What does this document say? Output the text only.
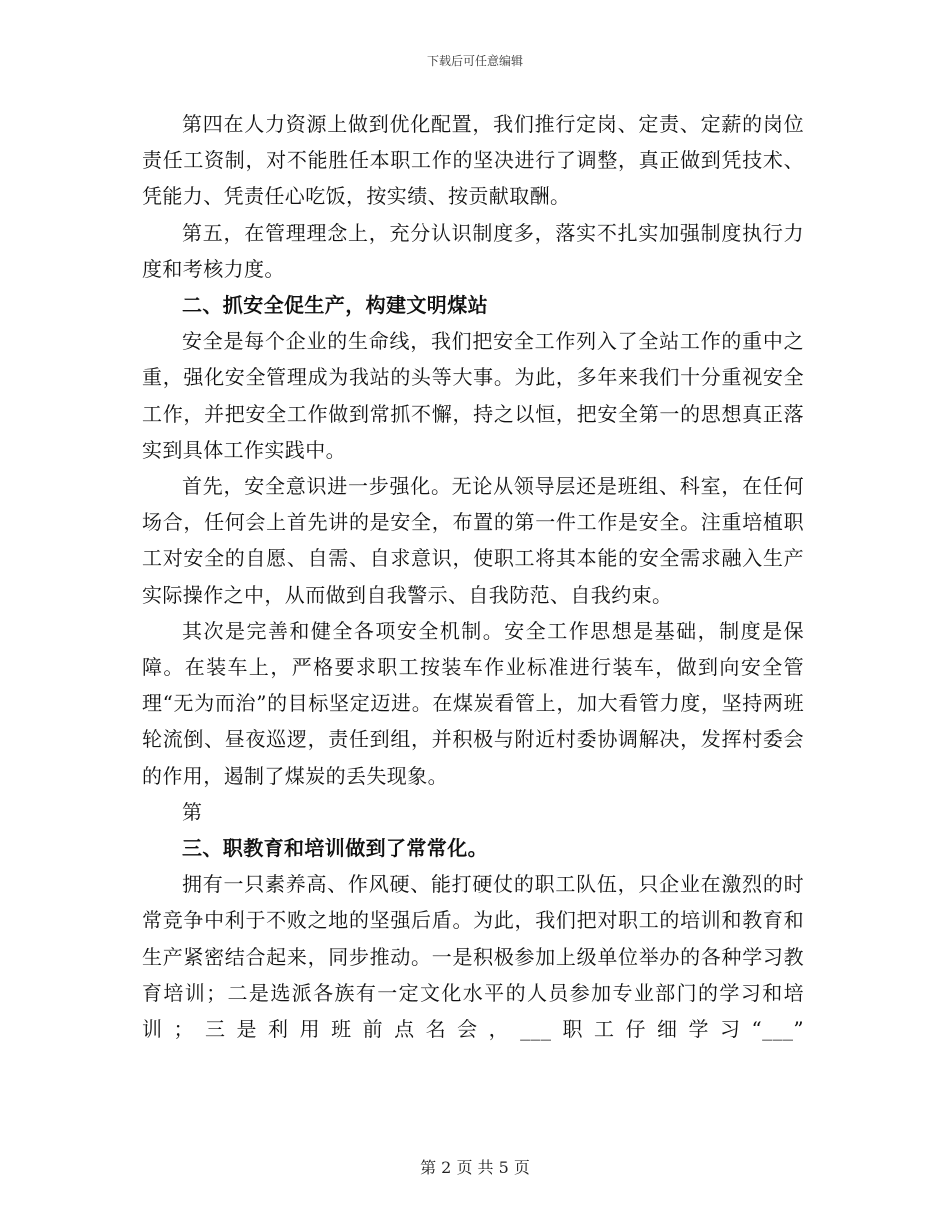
下载后可任意编辑

第四在人力资源上做到优化配置，我们推行定岗、定责、定薪的岗位责任工资制，对不能胜任本职工作的坚决进行了调整，真正做到凭技术、凭能力、凭责任心吃饭，按实绩、按贡献取酬。

第五，在管理理念上，充分认识制度多，落实不扎实加强制度执行力度和考核力度。

二、抓安全促生产，构建文明煤站

安全是每个企业的生命线，我们把安全工作列入了全站工作的重中之重，强化安全管理成为我站的头等大事。为此，多年来我们十分重视安全工作，并把安全工作做到常抓不懈，持之以恒，把安全第一的思想真正落实到具体工作实践中。

首先，安全意识进一步强化。无论从领导层还是班组、科室，在任何场合，任何会上首先讲的是安全，布置的第一件工作是安全。注重培植职工对安全的自愿、自需、自求意识，使职工将其本能的安全需求融入生产实际操作之中，从而做到自我警示、自我防范、自我约束。

其次是完善和健全各项安全机制。安全工作思想是基础，制度是保障。在装车上，严格要求职工按装车作业标准进行装车，做到向安全管理“无为而治”的目标坚定迈进。在煤炭看管上，加大看管力度，坚持两班轮流倒、昼夜巡逻，责任到组，并积极与附近村委协调解决，发挥村委会的作用，遏制了煤炭的丢失现象。

第

三、职教育和培训做到了常常化。

拥有一只素养高、作风硬、能打硬仗的职工队伍，只企业在激烈的时常竞争中利于不败之地的坚强后盾。为此，我们把对职工的培训和教育和生产紧密结合起来，同步推动。一是积极参加上级单位举办的各种学习教育培训；二是选派各族有一定文化水平的人员参加专业部门的学习和培训；三是利用班前点名会，___职工仔细学习“___”

第 2 页 共 5 页
